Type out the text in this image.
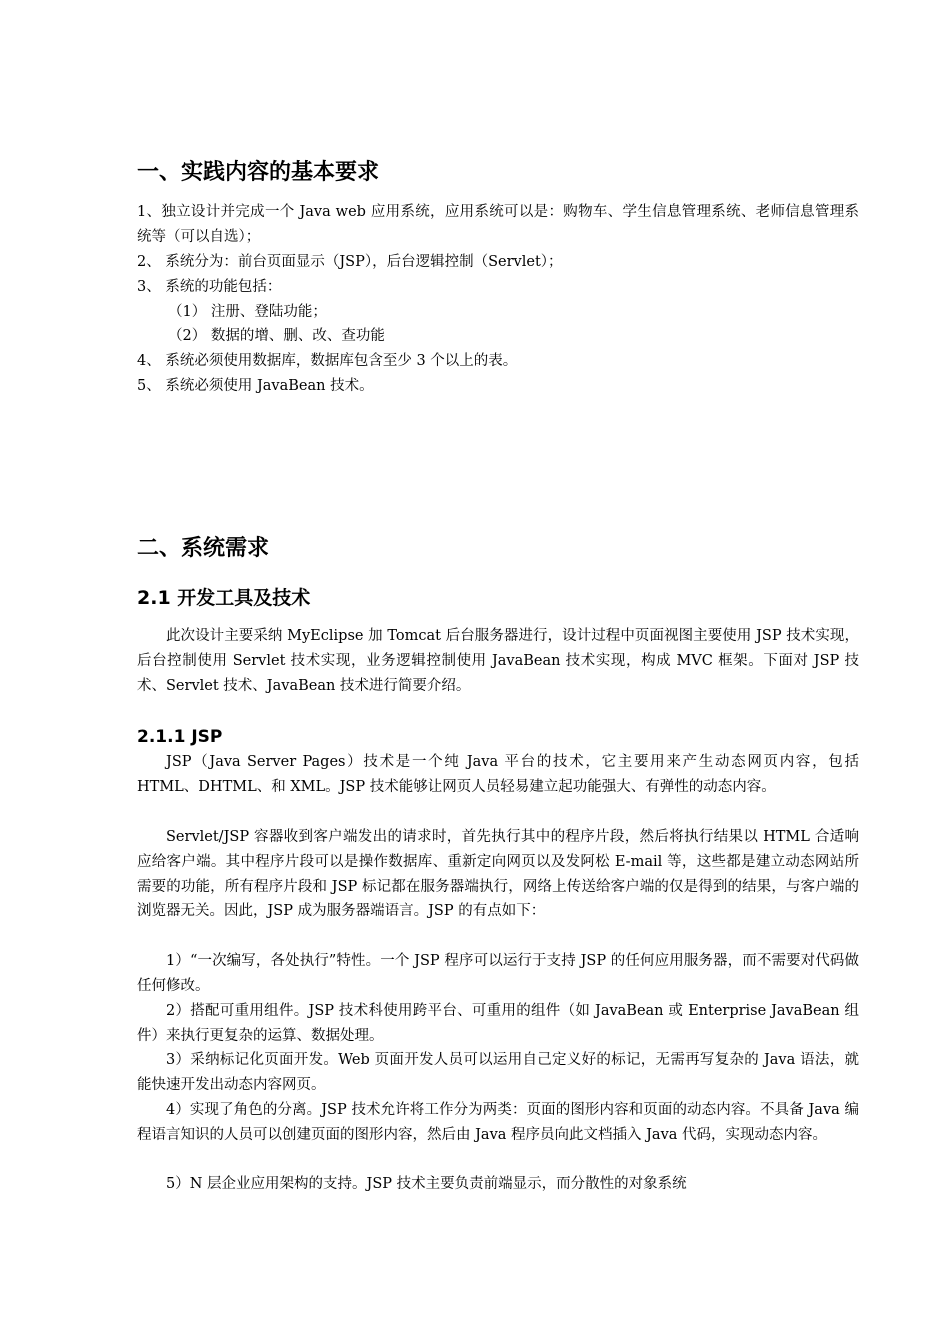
一、实践内容的基本要求

1、独立设计并完成一个 Java web 应用系统，应用系统可以是：购物车、学生信息管理系统、老师信息管理系统等（可以自选）；

2、 系统分为：前台页面显示（JSP），后台逻辑控制（Servlet）；

3、 系统的功能包括：

（1） 注册、登陆功能；

（2） 数据的增、删、改、查功能

4、 系统必须使用数据库，数据库包含至少 3 个以上的表。

5、 系统必须使用 JavaBean 技术。

二、系统需求
2.1 开发工具及技术

此次设计主要采纳 MyEclipse 加 Tomcat 后台服务器进行，设计过程中页面视图主要使用 JSP 技术实现，后台控制使用 Servlet 技术实现，业务逻辑控制使用 JavaBean 技术实现，构成 MVC 框架。下面对 JSP 技术、Servlet 技术、JavaBean 技术进行简要介绍。

2.1.1 JSP

JSP（Java Server Pages）技术是一个纯 Java 平台的技术，它主要用来产生动态网页内容，包括 HTML、DHTML、和 XML。JSP 技术能够让网页人员轻易建立起功能强大、有弹性的动态内容。

Servlet/JSP 容器收到客户端发出的请求时，首先执行其中的程序片段，然后将执行结果以 HTML 合适响应给客户端。其中程序片段可以是操作数据库、重新定向网页以及发阿松 E-mail 等，这些都是建立动态网站所需要的功能，所有程序片段和 JSP 标记都在服务器端执行，网络上传送给客户端的仅是得到的结果，与客户端的浏览器无关。因此，JSP 成为服务器端语言。JSP 的有点如下：

1）“一次编写，各处执行”特性。一个 JSP 程序可以运行于支持 JSP 的任何应用服务器，而不需要对代码做任何修改。

2）搭配可重用组件。JSP 技术科使用跨平台、可重用的组件（如 JavaBean 或 Enterprise JavaBean 组件）来执行更复杂的运算、数据处理。

3）采纳标记化页面开发。Web 页面开发人员可以运用自己定义好的标记，无需再写复杂的 Java 语法，就能快速开发出动态内容网页。

4）实现了角色的分离。JSP 技术允许将工作分为两类：页面的图形内容和页面的动态内容。不具备 Java 编程语言知识的人员可以创建页面的图形内容，然后由 Java 程序员向此文档插入 Java 代码，实现动态内容。

5）N 层企业应用架构的支持。JSP 技术主要负责前端显示，而分散性的对象系统
